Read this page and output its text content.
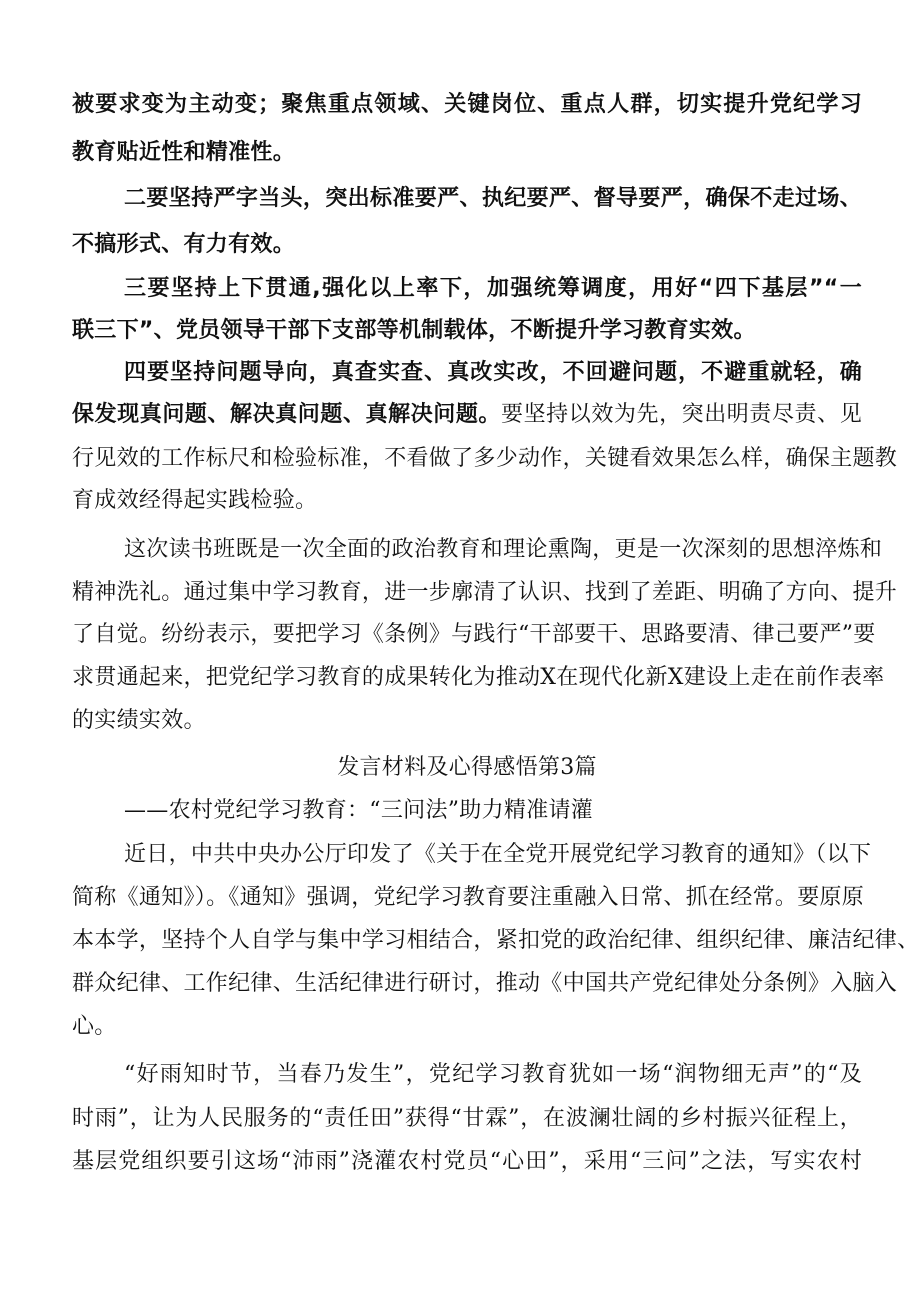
被要求变为主动变；聚焦重点领域、关键岗位、重点人群，切实提升党纪学习
教育贴近性和精准性。
二要坚持严字当头，突出标准要严、执纪要严、督导要严，确保不走过场、
不搞形式、有力有效。
三要坚持上下贯通,强化以上率下，加强统筹调度，用好“四下基层”“一
联三下”、党员领导干部下支部等机制载体，不断提升学习教育实效。
四要坚持问题导向，真查实查、真改实改，不回避问题，不避重就轻，确
保发现真问题、解决真问题、真解决问题。要坚持以效为先，突出明责尽责、见
行见效的工作标尺和检验标准，不看做了多少动作，关键看效果怎么样，确保主题教
育成效经得起实践检验。
这次读书班既是一次全面的政治教育和理论熏陶，更是一次深刻的思想淬炼和
精神洗礼。通过集中学习教育，进一步廓清了认识、找到了差距、明确了方向、提升
了自觉。纷纷表示，要把学习《条例》与践行“干部要干、思路要清、律己要严”要
求贯通起来，把党纪学习教育的成果转化为推动X在现代化新X建设上走在前作表率
的实绩实效。
发言材料及心得感悟第3篇
——农村党纪学习教育：“三问法”助力精准请灌
近日，中共中央办公厅印发了《关于在全党开展党纪学习教育的通知》（以下
简称《通知》）。《通知》强调，党纪学习教育要注重融入日常、抓在经常。要原原
本本学，坚持个人自学与集中学习相结合，紧扣党的政治纪律、组织纪律、廉洁纪律、
群众纪律、工作纪律、生活纪律进行研讨，推动《中国共产党纪律处分条例》入脑入
心。
“好雨知时节，当春乃发生”，党纪学习教育犹如一场“润物细无声”的“及
时雨”，让为人民服务的“责任田”获得“甘霖”，在波澜壮阔的乡村振兴征程上，
基层党组织要引这场“沛雨”浇灌农村党员“心田”，采用“三问”之法，写实农村
